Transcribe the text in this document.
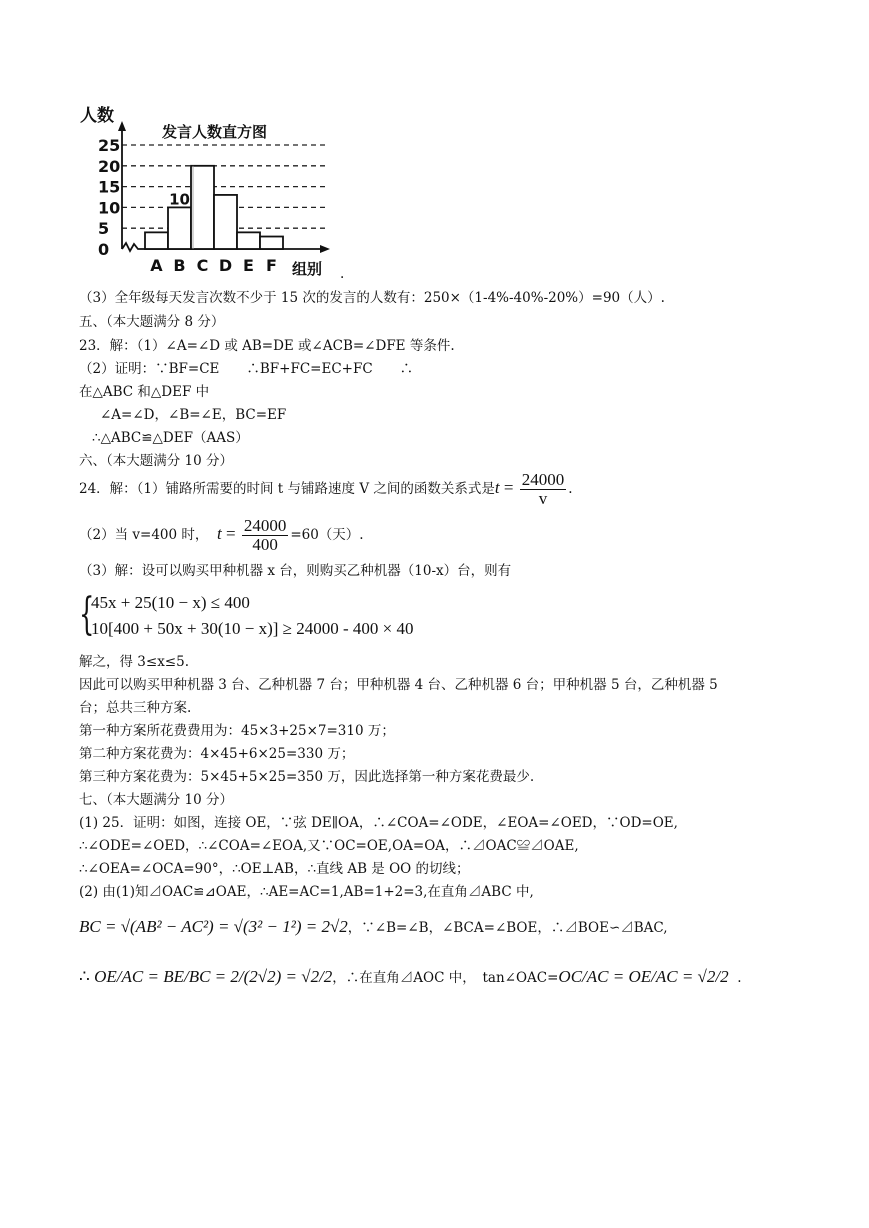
人数
发言人数直方图
25
20
15
10
5
0
A B C D E F
10
组别 .
（3）全年级每天发言次数不少于 15 次的发言的人数有：250×（1-4%-40%-20%）=90（人）.
五、（本大题满分 8 分）
23．解：（1）∠A=∠D 或 AB=DE 或∠ACB=∠DFE 等条件.
（2）证明：∵BF=CE　　∴BF+FC=EC+FC　　∴
在△ABC 和△DEF 中
∠A=∠D，∠B=∠E，BC=EF
∴△ABC≌△DEF（AAS）
六、（本大题满分 10 分）
24．解：（1）铺路所需要的时间 t 与铺路速度 V 之间的函数关系式是$t = \frac{24000}{v}$ .
（2）当 v=400 时， $t = \frac{24000}{400} =60$（天）.
（3）解：设可以购买甲种机器 x 台，则购买乙种机器（10-x）台，则有
{
45x + 25(10 − x) ≤ 400
10[400 + 50x + 30(10 − x)] ≥ 24000 - 400 × 40
解之，得 3≤x≤5.
因此可以购买甲种机器 3 台、乙种机器 7 台；甲种机器 4 台、乙种机器 6 台；甲种机器 5 台，乙种机器 5
台；总共三种方案.
第一种方案所花费费用为：45×3+25×7=310 万；
第二种方案花费为：4×45+6×25=330 万；
第三种方案花费为：5×45+5×25=350 万，因此选择第一种方案花费最少.
七、（本大题满分 10 分）
(1) 25．证明：如图，连接 OE，∵弦 DE∥OA，∴∠COA=∠ODE，∠EOA=∠OED，∵OD=OE,
∴∠ODE=∠OED，∴∠COA=∠EOA,又∵OC=OE,OA=OA，∴⊿OAC≌⊿OAE,
∴∠OEA=∠OCA=90°，∴OE⊥AB，∴直线 AB 是 OO 的切线；
(2) 由(1)知⊿OAC≌⊿OAE，∴AE=AC=1,AB=1+2=3,在直角⊿ABC 中,
BC = √(AB² − AC²) = √(3² − 1²) = 2√2，∵∠B=∠B，∠BCA=∠BOE，∴⊿BOE∽⊿BAC,
∴ OE/AC = BE/BC = 2/(2√2) = √2/2，∴在直角⊿AOC 中，　tan∠OAC=OC/AC = OE/AC = √2/2 .
